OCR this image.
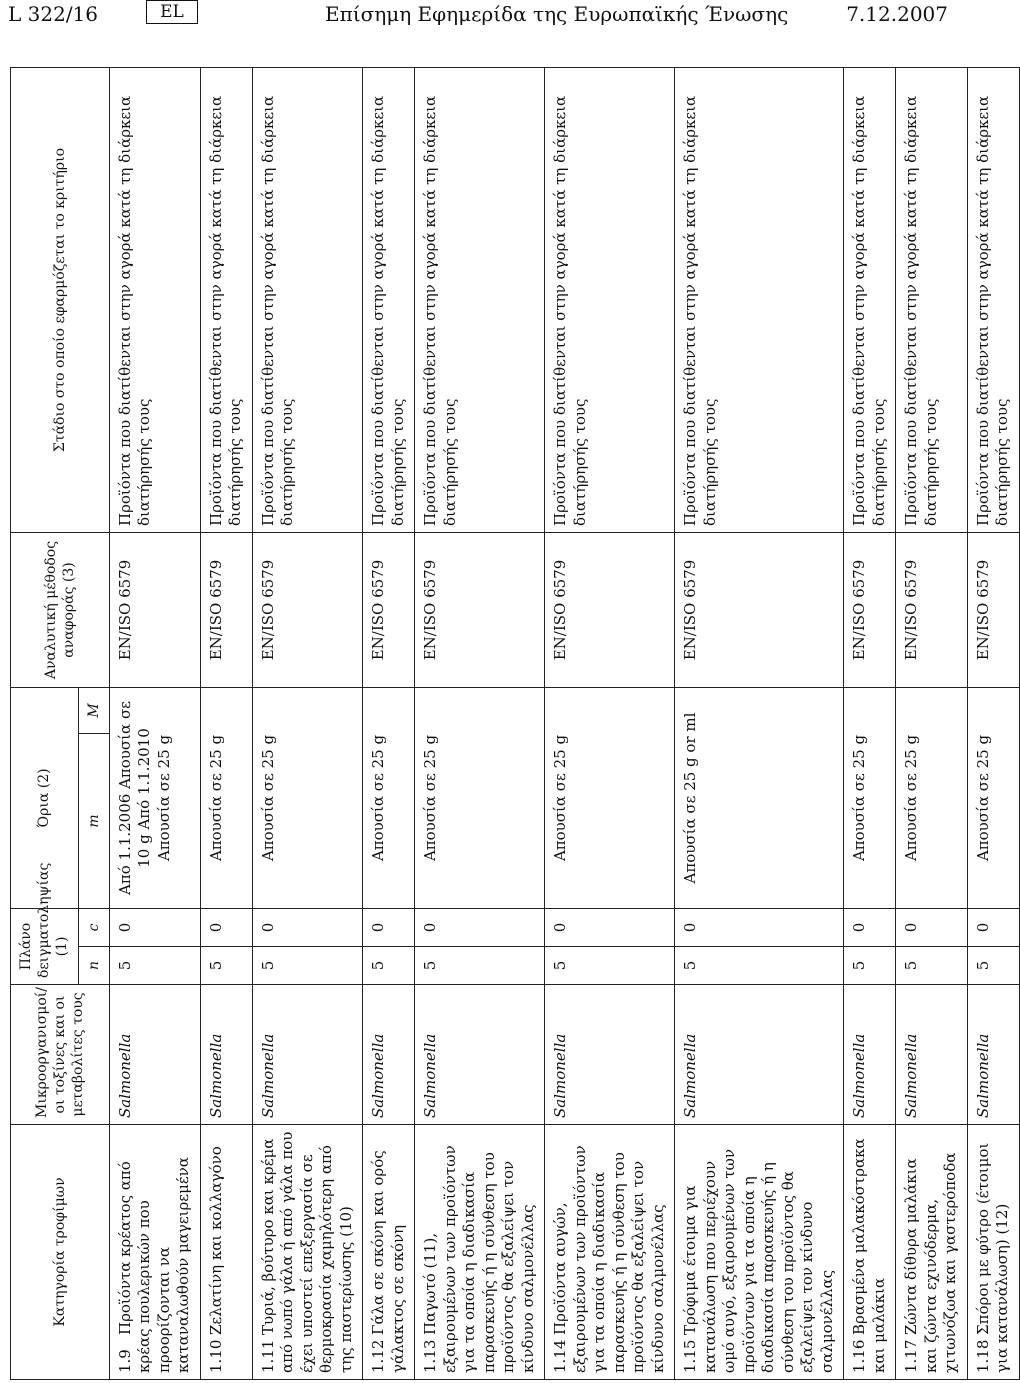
L 322/16	EL	Επίσημη Εφημερίδα της Ευρωπαϊκής Ένωσης	7.12.2007
Κατηγορία τροφίμων	Μικροοργανισμοί/οι τοξίνες και οι μεταβολίτες τους	Πλάνο δειγματοληψίας (1)		Όρια (2)		Αναλυτική μέθοδος αναφοράς (3)	Στάδιο στο οποίο εφαρμόζεται το κριτήριο
		n	c	m	M		
1.9Προϊόντα κρέατος από κρέας πουλερικών που προορίζονται να καταναλωθούν μαγειρεμένα	Salmonella	5	0	Από 1.1.2006 Απουσία σε 10 g Από 1.1.2010 Απουσία σε 25 g		EN/ISO 6579	Προϊόντα που διατίθενται στην αγορά κατά τη διάρκεια διατήρησής τους
1.10Ζελατίνη και κολλαγόνο	Salmonella	5	0	Απουσία σε 25 g		EN/ISO 6579	Προϊόντα που διατίθενται στην αγορά κατά τη διάρκεια διατήρησής τους
1.11Τυριά, βούτυρο και κρέμα από νωπό γάλα ή από γάλα που έχει υποστεί επεξεργασία σε θερμοκρασία χαμηλότερη από της παστερίωσης (10)	Salmonella	5	0	Απουσία σε 25 g		EN/ISO 6579	Προϊόντα που διατίθενται στην αγορά κατά τη διάρκεια διατήρησής τους
1.12Γάλα σε σκόνη και ορός γάλακτος σε σκόνη	Salmonella	5	0	Απουσία σε 25 g		EN/ISO 6579	Προϊόντα που διατίθενται στην αγορά κατά τη διάρκεια διατήρησής τους
1.13Παγωτό (11), εξαιρουμένων των προϊόντων για τα οποία η διαδικασία παρασκευής ή η σύνθεση του προϊόντος θα εξαλείψει τον κίνδυνο σαλμονέλλας	Salmonella	5	0	Απουσία σε 25 g		EN/ISO 6579	Προϊόντα που διατίθενται στην αγορά κατά τη διάρκεια διατήρησής τους
1.14Προϊόντα αυγών, εξαιρουμένων των προϊόντων για τα οποία η διαδικασία παρασκευής ή η σύνθεση του προϊόντος θα εξαλείψει τον κίνδυνο σαλμονέλλας	Salmonella	5	0	Απουσία σε 25 g		EN/ISO 6579	Προϊόντα που διατίθενται στην αγορά κατά τη διάρκεια διατήρησής τους
1.15Τρόφιμα έτοιμα για κατανάλωση που περιέχουν ωμό αυγό, εξαιρουμένων των προϊόντων για τα οποία η διαδικασία παρασκευής ή η σύνθεση του προϊόντος θα εξαλείψει τον κίνδυνο σαλμονέλλας	Salmonella	5	0	Απουσία σε 25 g or ml		EN/ISO 6579	Προϊόντα που διατίθενται στην αγορά κατά τη διάρκεια διατήρησής τους
1.16Βρασμένα μαλακόστρακα και μαλάκια	Salmonella	5	0	Απουσία σε 25 g		EN/ISO 6579	Προϊόντα που διατίθενται στην αγορά κατά τη διάρκεια διατήρησής τους
1.17Ζώντα δίθυρα μαλάκια και ζώντα εχινόδερμα, χιτωνόζωα και γαστερόποδα	Salmonella	5	0	Απουσία σε 25 g		EN/ISO 6579	Προϊόντα που διατίθενται στην αγορά κατά τη διάρκεια διατήρησής τους
1.18Σπόροι με φύτρο (έτοιμοι για κατανάλωση) (12)	Salmonella	5	0	Απουσία σε 25 g		EN/ISO 6579	Προϊόντα που διατίθενται στην αγορά κατά τη διάρκεια διατήρησής τους
